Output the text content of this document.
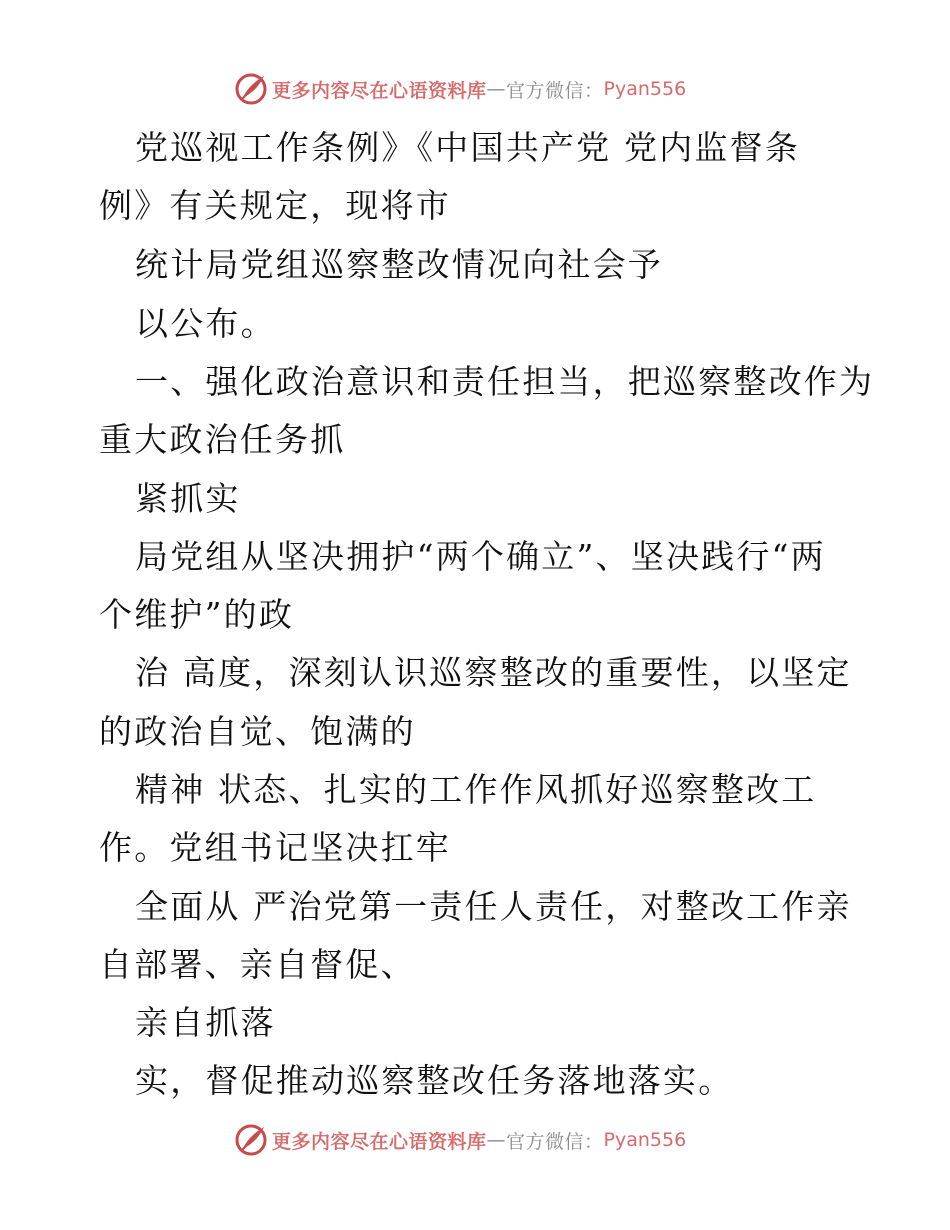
更多内容尽在心语资料库 — 官方微信： Pyan556
党巡视工作条例》《中国共产党 党内监督条
例》有关规定，现将市
统计局党组巡察整改情况向社会予
以公布。
一、强化政治意识和责任担当，把巡察整改作为
重大政治任务抓
紧抓实
局党组从坚决拥护“两个确立”、坚决践行“两
个维护”的政
治 高度，深刻认识巡察整改的重要性，以坚定
的政治自觉、饱满的
精神 状态、扎实的工作作风抓好巡察整改工
作。党组书记坚决扛牢
全面从 严治党第一责任人责任，对整改工作亲
自部署、亲自督促、
亲自抓落
实，督促推动巡察整改任务落地落实。
更多内容尽在心语资料库 — 官方微信： Pyan556
